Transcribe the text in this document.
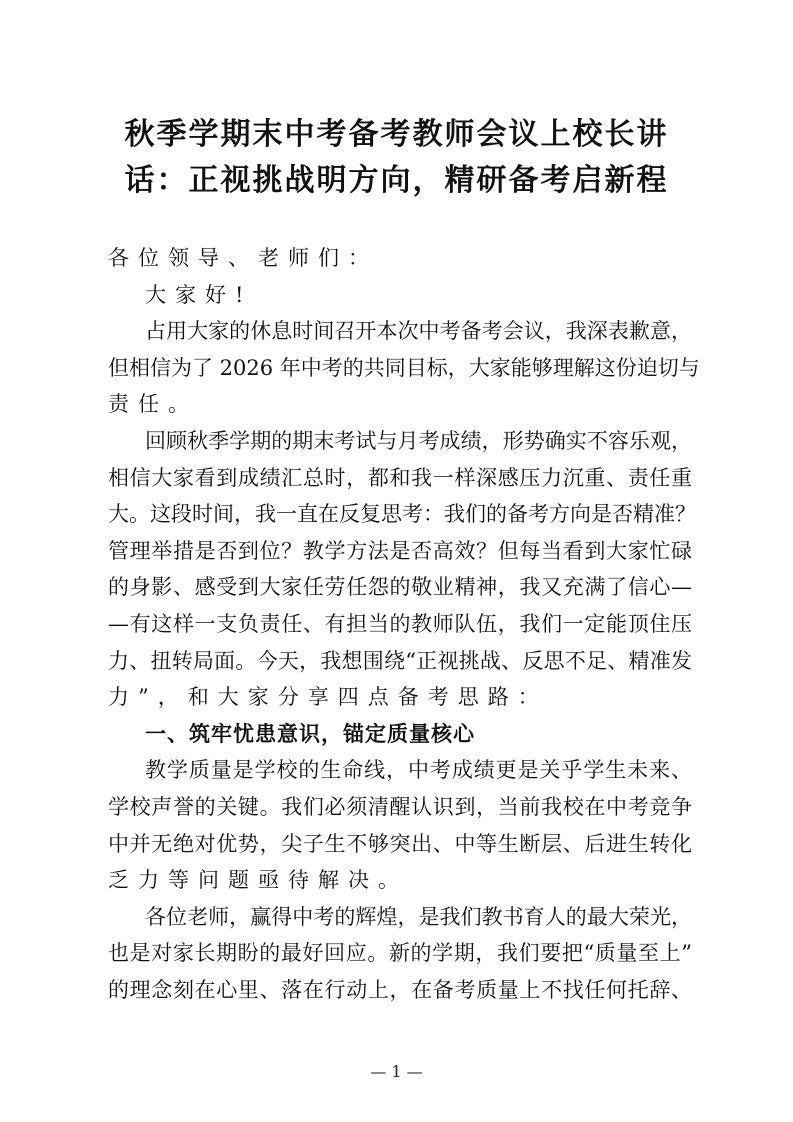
秋季学期末中考备考教师会议上校长讲
话：正视挑战明方向，精研备考启新程
各位领导、老师们：
大家好!
占用大家的休息时间召开本次中考备考会议，我深表歉意，
但相信为了 2026 年中考的共同目标，大家能够理解这份迫切与
责任。
回顾秋季学期的期末考试与月考成绩，形势确实不容乐观，
相信大家看到成绩汇总时，都和我一样深感压力沉重、责任重
大。这段时间，我一直在反复思考：我们的备考方向是否精准？
管理举措是否到位？教学方法是否高效？但每当看到大家忙碌
的身影、感受到大家任劳任怨的敬业精神，我又充满了信心—
—有这样一支负责任、有担当的教师队伍，我们一定能顶住压
力、扭转局面。今天，我想围绕“正视挑战、反思不足、精准发
力”，和大家分享四点备考思路：
一、筑牢忧患意识，锚定质量核心
教学质量是学校的生命线，中考成绩更是关乎学生未来、
学校声誉的关键。我们必须清醒认识到，当前我校在中考竞争
中并无绝对优势，尖子生不够突出、中等生断层、后进生转化
乏力等问题亟待解决。
各位老师，赢得中考的辉煌，是我们教书育人的最大荣光，
也是对家长期盼的最好回应。新的学期，我们要把“质量至上”
的理念刻在心里、落在行动上，在备考质量上不找任何托辞、
— 1 —
